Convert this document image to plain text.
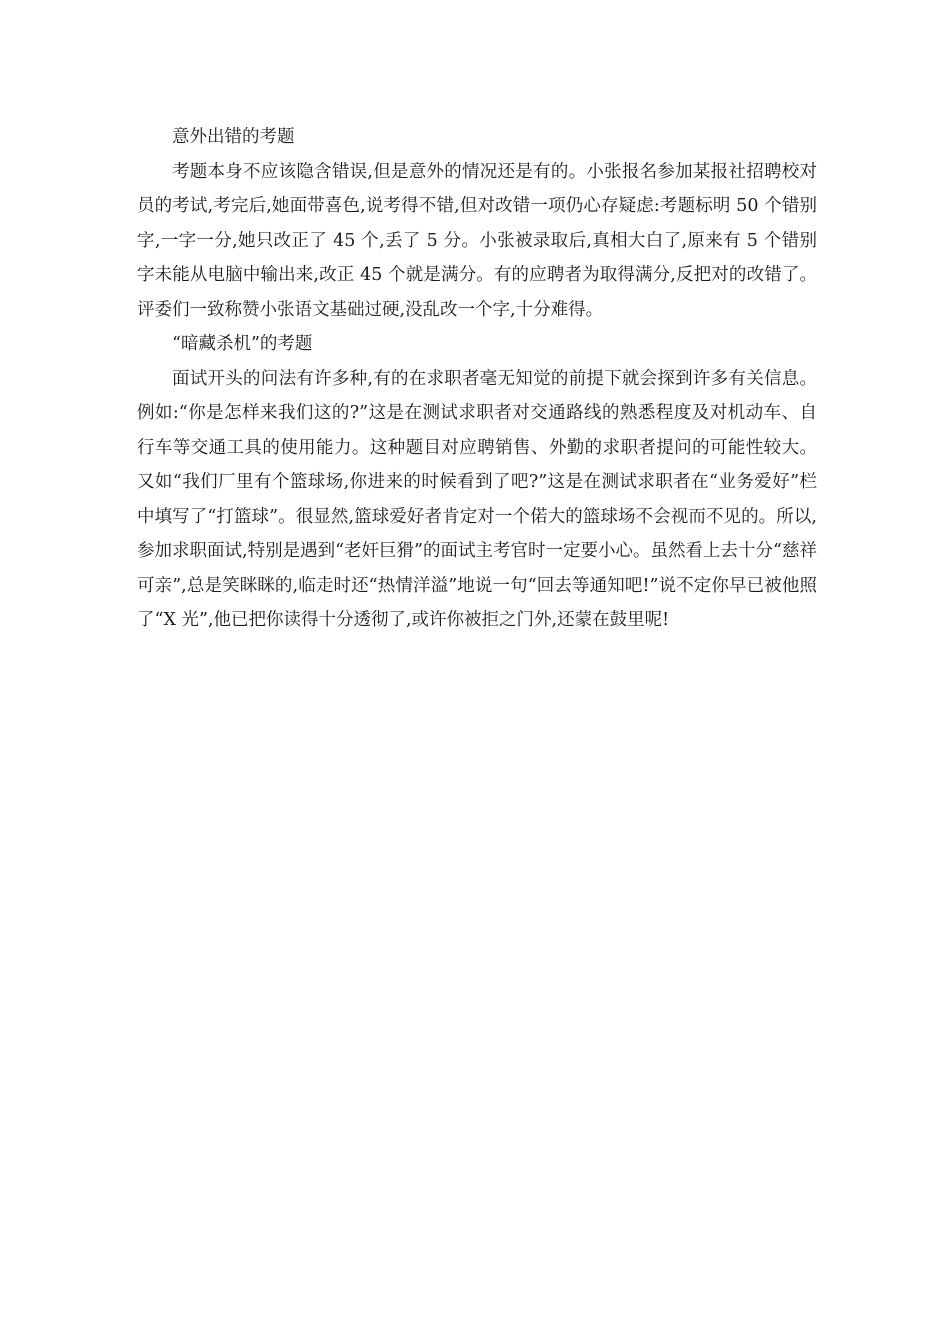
意外出错的考题

考题本身不应该隐含错误,但是意外的情况还是有的。小张报名参加某报社招聘校对员的考试,考完后,她面带喜色,说考得不错,但对改错一项仍心存疑虑:考题标明 50 个错别字,一字一分,她只改正了 45 个,丢了 5 分。小张被录取后,真相大白了,原来有 5 个错别字未能从电脑中输出来,改正 45 个就是满分。有的应聘者为取得满分,反把对的改错了。评委们一致称赞小张语文基础过硬,没乱改一个字,十分难得。

“暗藏杀机”的考题

面试开头的问法有许多种,有的在求职者毫无知觉的前提下就会探到许多有关信息。例如:“你是怎样来我们这的?”这是在测试求职者对交通路线的熟悉程度及对机动车、自行车等交通工具的使用能力。这种题目对应聘销售、外勤的求职者提问的可能性较大。又如“我们厂里有个篮球场,你进来的时候看到了吧?”这是在测试求职者在“业务爱好”栏中填写了“打篮球”。很显然,篮球爱好者肯定对一个偌大的篮球场不会视而不见的。所以,参加求职面试,特别是遇到“老奸巨猾”的面试主考官时一定要小心。虽然看上去十分“慈祥可亲”,总是笑眯眯的,临走时还“热情洋溢”地说一句“回去等通知吧!”说不定你早已被他照了“X 光”,他已把你读得十分透彻了,或许你被拒之门外,还蒙在鼓里呢!
